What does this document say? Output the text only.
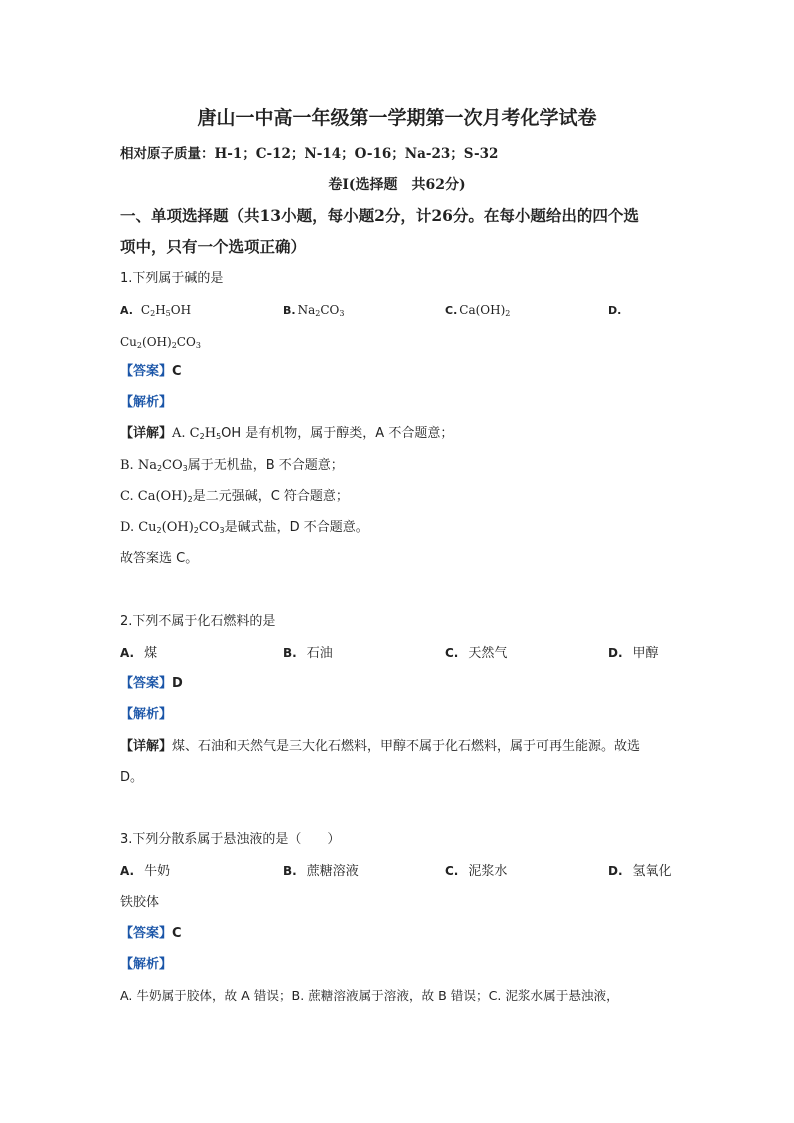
唐山一中高一年级第一学期第一次月考化学试卷
相对原子质量：H-1；C-12；N-14；O-16；Na-23；S-32
卷Ⅰ(选择题　共62分)
一、单项选择题（共13小题，每小题2分，计26分。在每小题给出的四个选
项中，只有一个选项正确）
1.下列属于碱的是
A. $C_2H_5OH$	B. $Na_2CO_3$	C. $Ca(OH)_2$	D.
$Cu_2(OH)_2CO_3$
【答案】C
【解析】
【详解】A. $C_2H_5OH$ 是有机物，属于醇类，A 不合题意；
B. $Na_2CO_3$属于无机盐，B 不合题意；
C. $Ca(OH)_2$是二元强碱，C 符合题意；
D. $Cu_2(OH)_2CO_3$是碱式盐，D 不合题意。
故答案选 C。
2.下列不属于化石燃料的是
A. 煤	B. 石油	C. 天然气	D. 甲醇
【答案】D
【解析】
【详解】煤、石油和天然气是三大化石燃料，甲醇不属于化石燃料，属于可再生能源。故选
D。
3.下列分散系属于悬浊液的是（　　）
A. 牛奶	B. 蔗糖溶液	C. 泥浆水	D. 氢氧化
铁胶体
【答案】C
【解析】
A. 牛奶属于胶体，故 A 错误；B. 蔗糖溶液属于溶液，故 B 错误；C. 泥浆水属于悬浊液，
